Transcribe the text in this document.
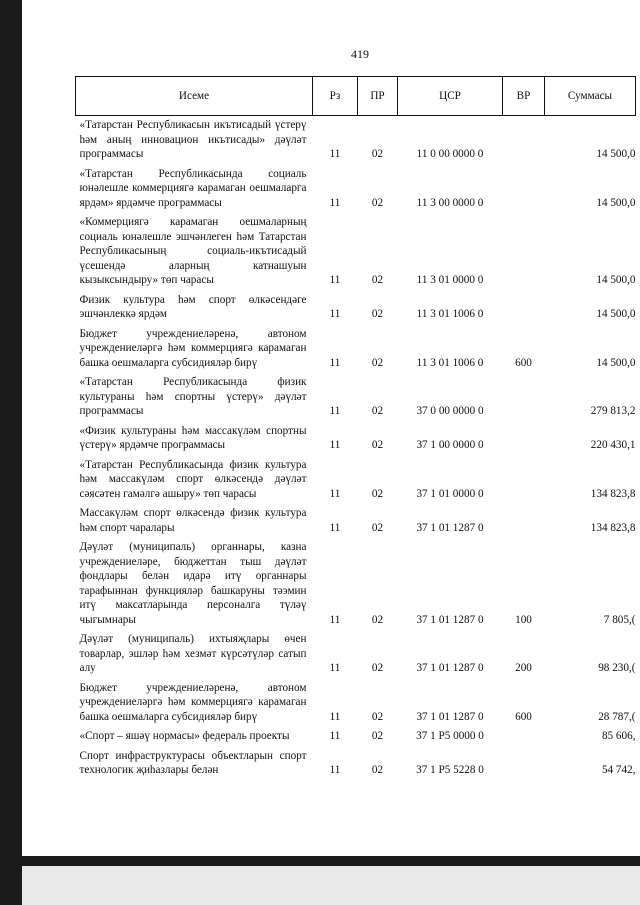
419
Исеме	Рз	ПР	ЦСР	ВР	Суммасы
«Татарстан Республикасын икътисадый үстерү һәм аның инновацион икътисады» дәүләт программасы	11	02	11 0 00 0000 0		14 500,0
«Татарстан Республикасында социаль юнәлешле коммерциягә карамаган оешмаларга ярдәм» ярдәмче программасы	11	02	11 3 00 0000 0		14 500,0
«Коммерциягә карамаган оешмаларның социаль юнәлешле эшчәнлеген һәм Татарстан Республикасының социаль-икътисадый үсешендә аларның катнашуын кызыксындыру» төп чарасы	11	02	11 3 01 0000 0		14 500,0
Физик культура һәм спорт өлкәсендәге эшчәнлеккә ярдәм	11	02	11 3 01 1006 0		14 500,0
Бюджет учреждениеләренә, автоном учреждениеләргә һәм коммерциягә карамаган башка оешмаларга субсидияләр бирү	11	02	11 3 01 1006 0	600	14 500,0
«Татарстан Республикасында физик культураны һәм спортны үстерү» дәүләт программасы	11	02	37 0 00 0000 0		279 813,2
«Физик культураны һәм массакүләм спортны үстерү» ярдәмче программасы	11	02	37 1 00 0000 0		220 430,1
«Татарстан Республикасында физик культура һәм массакүләм спорт өлкәсендә дәүләт сәясәтен гамәлгә ашыру» төп чарасы	11	02	37 1 01 0000 0		134 823,8
Массакүләм спорт өлкәсендә физик культура һәм спорт чаралары	11	02	37 1 01 1287 0		134 823,8
Дәүләт (муниципаль) органнары, казна учреждениеләре, бюджеттан тыш дәүләт фондлары белән идарә итү органнары тарафыннан функцияләр башкаруны тәэмин итү максатларында персоналга түләү чыгымнары	11	02	37 1 01 1287 0	100	7 805,(
Дәүләт (муниципаль) ихтыяҗлары өчен товарлар, эшләр һәм хезмәт күрсәтүләр сатып алу	11	02	37 1 01 1287 0	200	98 230,(
Бюджет учреждениеләренә, автоном учреждениеләргә һәм коммерциягә карамаган башка оешмаларга субсидияләр бирү	11	02	37 1 01 1287 0	600	28 787,(
«Спорт – яшәү нормасы» федераль проекты	11	02	37 1 P5 0000 0		85 606,
Спорт инфраструктурасы объектларын спорт технологик җиһазлары белән	11	02	37 1 P5 5228 0		54 742,
